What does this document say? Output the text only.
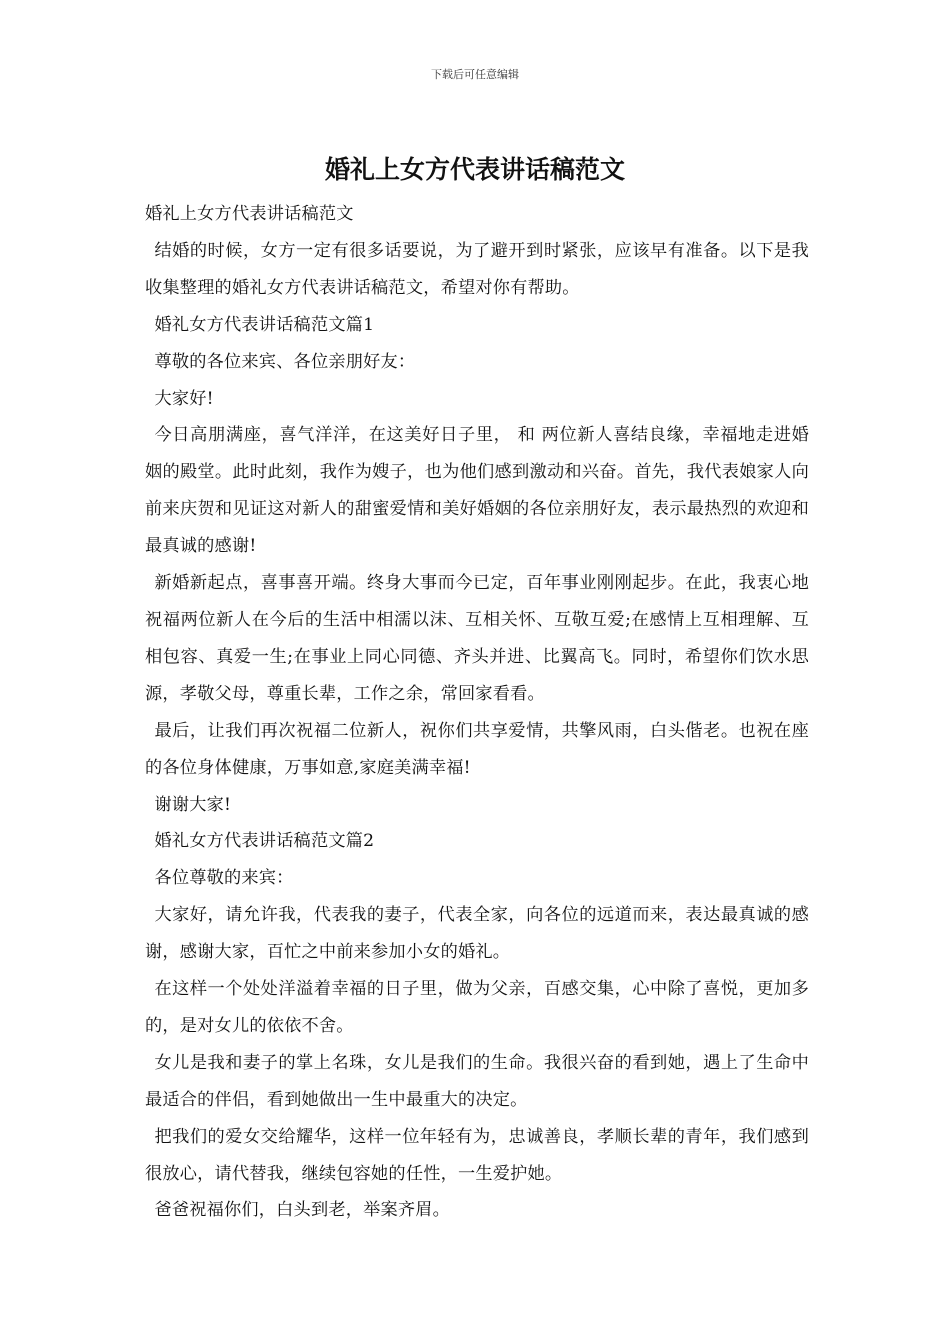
下载后可任意编辑
婚礼上女方代表讲话稿范文

婚礼上女方代表讲话稿范文

结婚的时候，女方一定有很多话要说，为了避开到时紧张，应该早有准备。以下是我收集整理的婚礼女方代表讲话稿范文，希望对你有帮助。

婚礼女方代表讲话稿范文篇1

尊敬的各位来宾、各位亲朋好友：

大家好!

今日高朋满座，喜气洋洋，在这美好日子里， 和 两位新人喜结良缘，幸福地走进婚姻的殿堂。此时此刻，我作为嫂子，也为他们感到激动和兴奋。首先，我代表娘家人向前来庆贺和见证这对新人的甜蜜爱情和美好婚姻的各位亲朋好友，表示最热烈的欢迎和最真诚的感谢!

新婚新起点，喜事喜开端。终身大事而今已定，百年事业刚刚起步。在此，我衷心地祝福两位新人在今后的生活中相濡以沫、互相关怀、互敬互爱;在感情上互相理解、互相包容、真爱一生;在事业上同心同德、齐头并进、比翼高飞。同时，希望你们饮水思源，孝敬父母，尊重长辈，工作之余，常回家看看。

最后，让我们再次祝福二位新人，祝你们共享爱情，共擎风雨，白头偕老。也祝在座的各位身体健康，万事如意,家庭美满幸福!

谢谢大家!

婚礼女方代表讲话稿范文篇2

各位尊敬的来宾：

大家好，请允许我，代表我的妻子，代表全家，向各位的远道而来，表达最真诚的感谢，感谢大家，百忙之中前来参加小女的婚礼。

在这样一个处处洋溢着幸福的日子里，做为父亲，百感交集，心中除了喜悦，更加多的，是对女儿的依依不舍。

女儿是我和妻子的掌上名珠，女儿是我们的生命。我很兴奋的看到她，遇上了生命中最适合的伴侣，看到她做出一生中最重大的决定。

把我们的爱女交给耀华，这样一位年轻有为，忠诚善良，孝顺长辈的青年，我们感到很放心，请代替我，继续包容她的任性，一生爱护她。

爸爸祝福你们，白头到老，举案齐眉。
